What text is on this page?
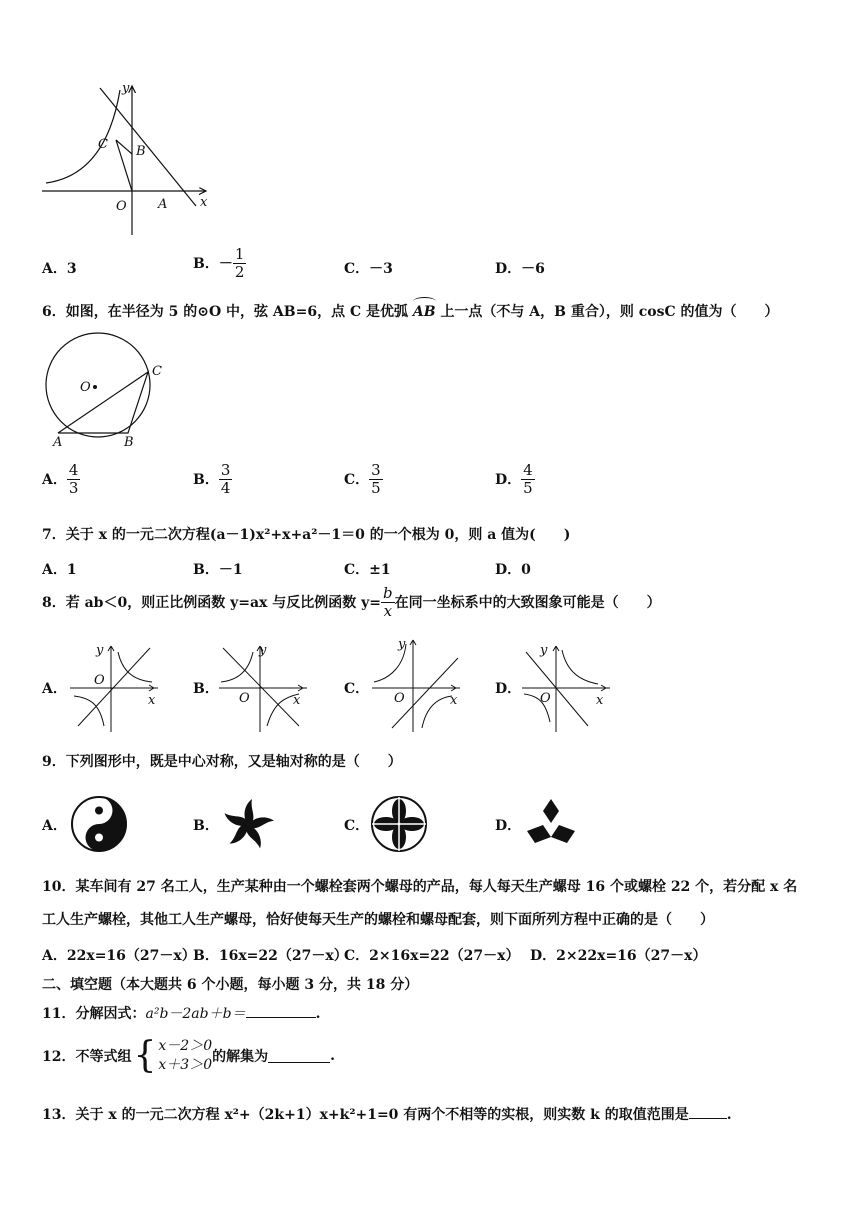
y
x
C B
O A
A．3	B．－ $\frac{1}{2}$	C．－3	D．－6
6．如图，在半径为 5 的⊙O 中，弦 AB=6，点 C 是优弧 AB 上一点（不与 A，B 重合），则 cosC 的值为（　　）
O
C
A	B
A． $\frac{4}{3}$	B． $\frac{3}{4}$	C． $\frac{3}{5}$	D． $\frac{4}{5}$
7．关于 x 的一元二次方程(a－1)x²+x+a²－1＝0 的一个根为 0，则 a 值为(　　)
A．1	B．－1	C．±1	D．0
8．若 ab＜0，则正比例函数 y=ax 与反比例函数 $y= \frac{b}{x}$ 在同一坐标系中的大致图象可能是（　　）
A．
y
x
O
B．
y
x
O
C．
y
x
O
D．
y
x
O
9．下列图形中，既是中心对称，又是轴对称的是（　　）
A．	B．	C．	D．
10．某车间有 27 名工人，生产某种由一个螺栓套两个螺母的产品，每人每天生产螺母 16 个或螺栓 22 个，若分配 x 名
工人生产螺栓，其他工人生产螺母，恰好使每天生产的螺栓和螺母配套，则下面所列方程中正确的是（　　）
A．22x=16（27－x）
B．16x=22（27－x）
C．2×16x=22（27－x） D．2×22x=16（27－x）
二、填空题（本大题共 6 个小题，每小题 3 分，共 18 分）
11．分解因式：a²b－2ab＋b＝	.
12．不等式组 { x－2＞0
x＋3＞0 的解集为	.
13．关于 x 的一元二次方程 x²+（2k+1）x+k²+1=0 有两个不相等的实根，则实数 k 的取值范围是	.
